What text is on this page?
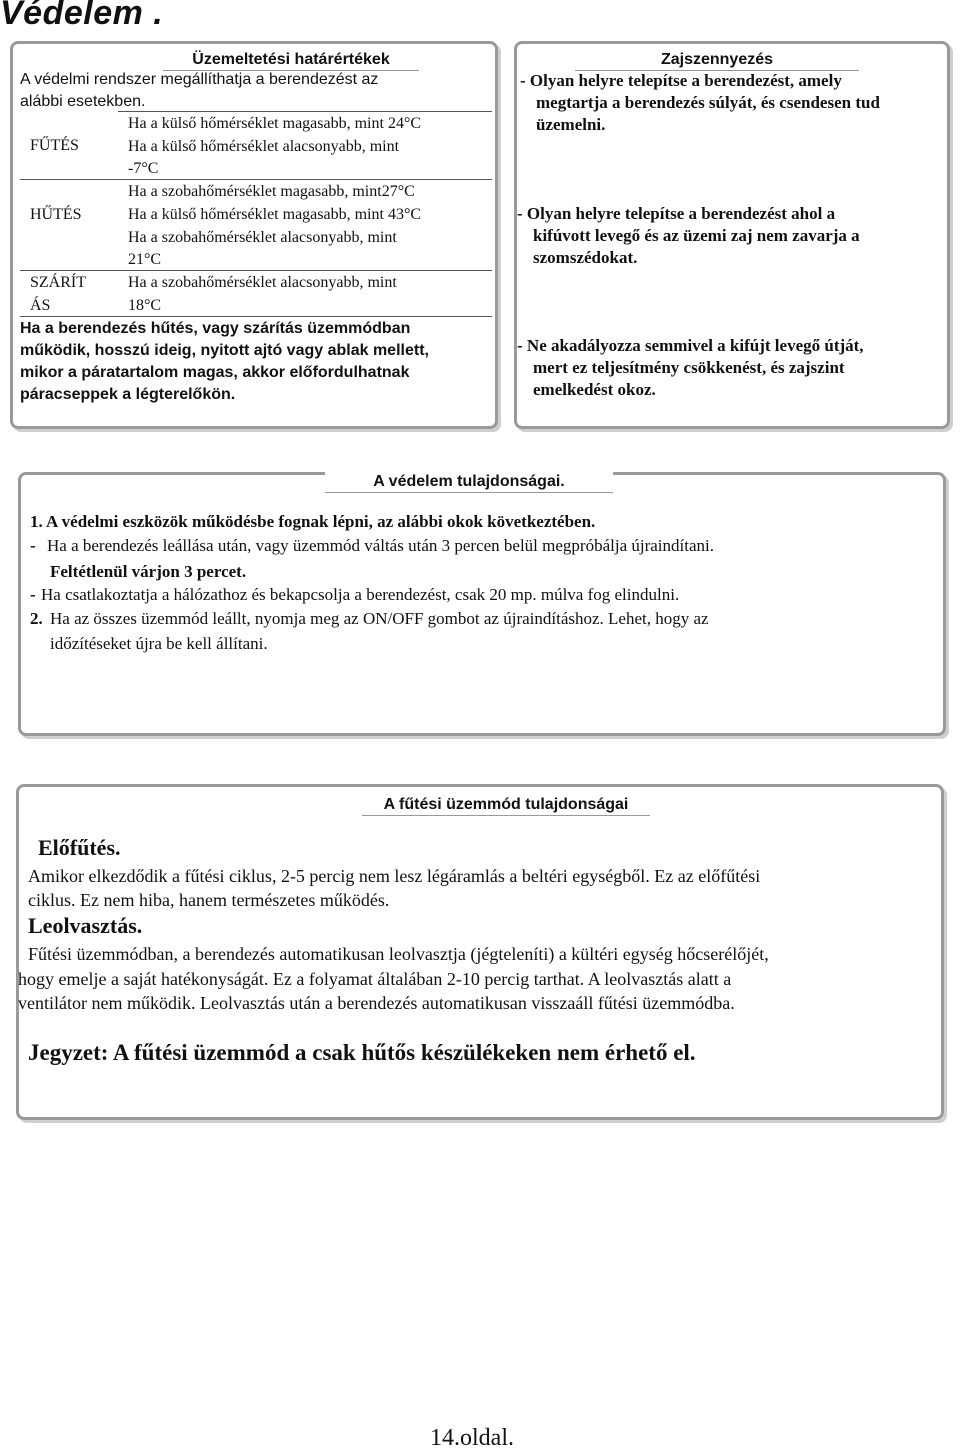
Védelem .
Üzemeltetési határértékek
A védelmi rendszer megállíthatja a berendezést az
alábbi esetekben.
FŰTÉS
Ha a külső hőmérséklet magasabb, mint 24°C
Ha a külső hőmérséklet alacsonyabb, mint
-7°C
Ha a szobahőmérséklet magasabb, mint27°C
HŰTÉS	Ha a külső hőmérséklet magasabb, mint 43°C
Ha a szobahőmérséklet alacsonyabb, mint
21°C
SZÁRÍT
ÁS
Ha a szobahőmérséklet alacsonyabb, mint
18°C
Ha a berendezés hűtés, vagy szárítás üzemmódban
működik, hosszú ideig, nyitott ajtó vagy ablak mellett,
mikor a páratartalom magas, akkor előfordulhatnak
páracseppek a légterelőkön.
Zajszennyezés
- Olyan helyre telepítse a berendezést, amely
megtartja a berendezés súlyát, és csendesen tud
üzemelni.
- Olyan helyre telepítse a berendezést ahol a
kifúvott levegő és az üzemi zaj nem zavarja a
szomszédokat.
- Ne akadályozza semmivel a kifújt levegő útját,
mert ez teljesítmény csökkenést, és zajszint
emelkedést okoz.
A védelem tulajdonságai.
1. A védelmi eszközök működésbe fognak lépni, az alábbi okok következtében.
- Ha a berendezés leállása után, vagy üzemmód váltás után 3 percen belül megpróbálja újraindítani.
Feltétlenül várjon 3 percet.
- Ha csatlakoztatja a hálózathoz és bekapcsolja a berendezést, csak 20 mp. múlva fog elindulni.
2. Ha az összes üzemmód leállt, nyomja meg az ON/OFF gombot az újraindításhoz. Lehet, hogy az
időzítéseket újra be kell állítani.
A fűtési üzemmód tulajdonságai
Előfűtés.
Amikor elkezdődik a fűtési ciklus, 2-5 percig nem lesz légáramlás a beltéri egységből. Ez az előfűtési
ciklus. Ez nem hiba, hanem természetes működés.
Leolvasztás.
Fűtési üzemmódban, a berendezés automatikusan leolvasztja (jégteleníti) a kültéri egység hőcserélőjét,
hogy emelje a saját hatékonyságát. Ez a folyamat általában 2-10 percig tarthat. A leolvasztás alatt a
ventilátor nem működik. Leolvasztás után a berendezés automatikusan visszaáll fűtési üzemmódba.
Jegyzet: A fűtési üzemmód a csak hűtős készülékeken nem érhető el.
14.oldal.
